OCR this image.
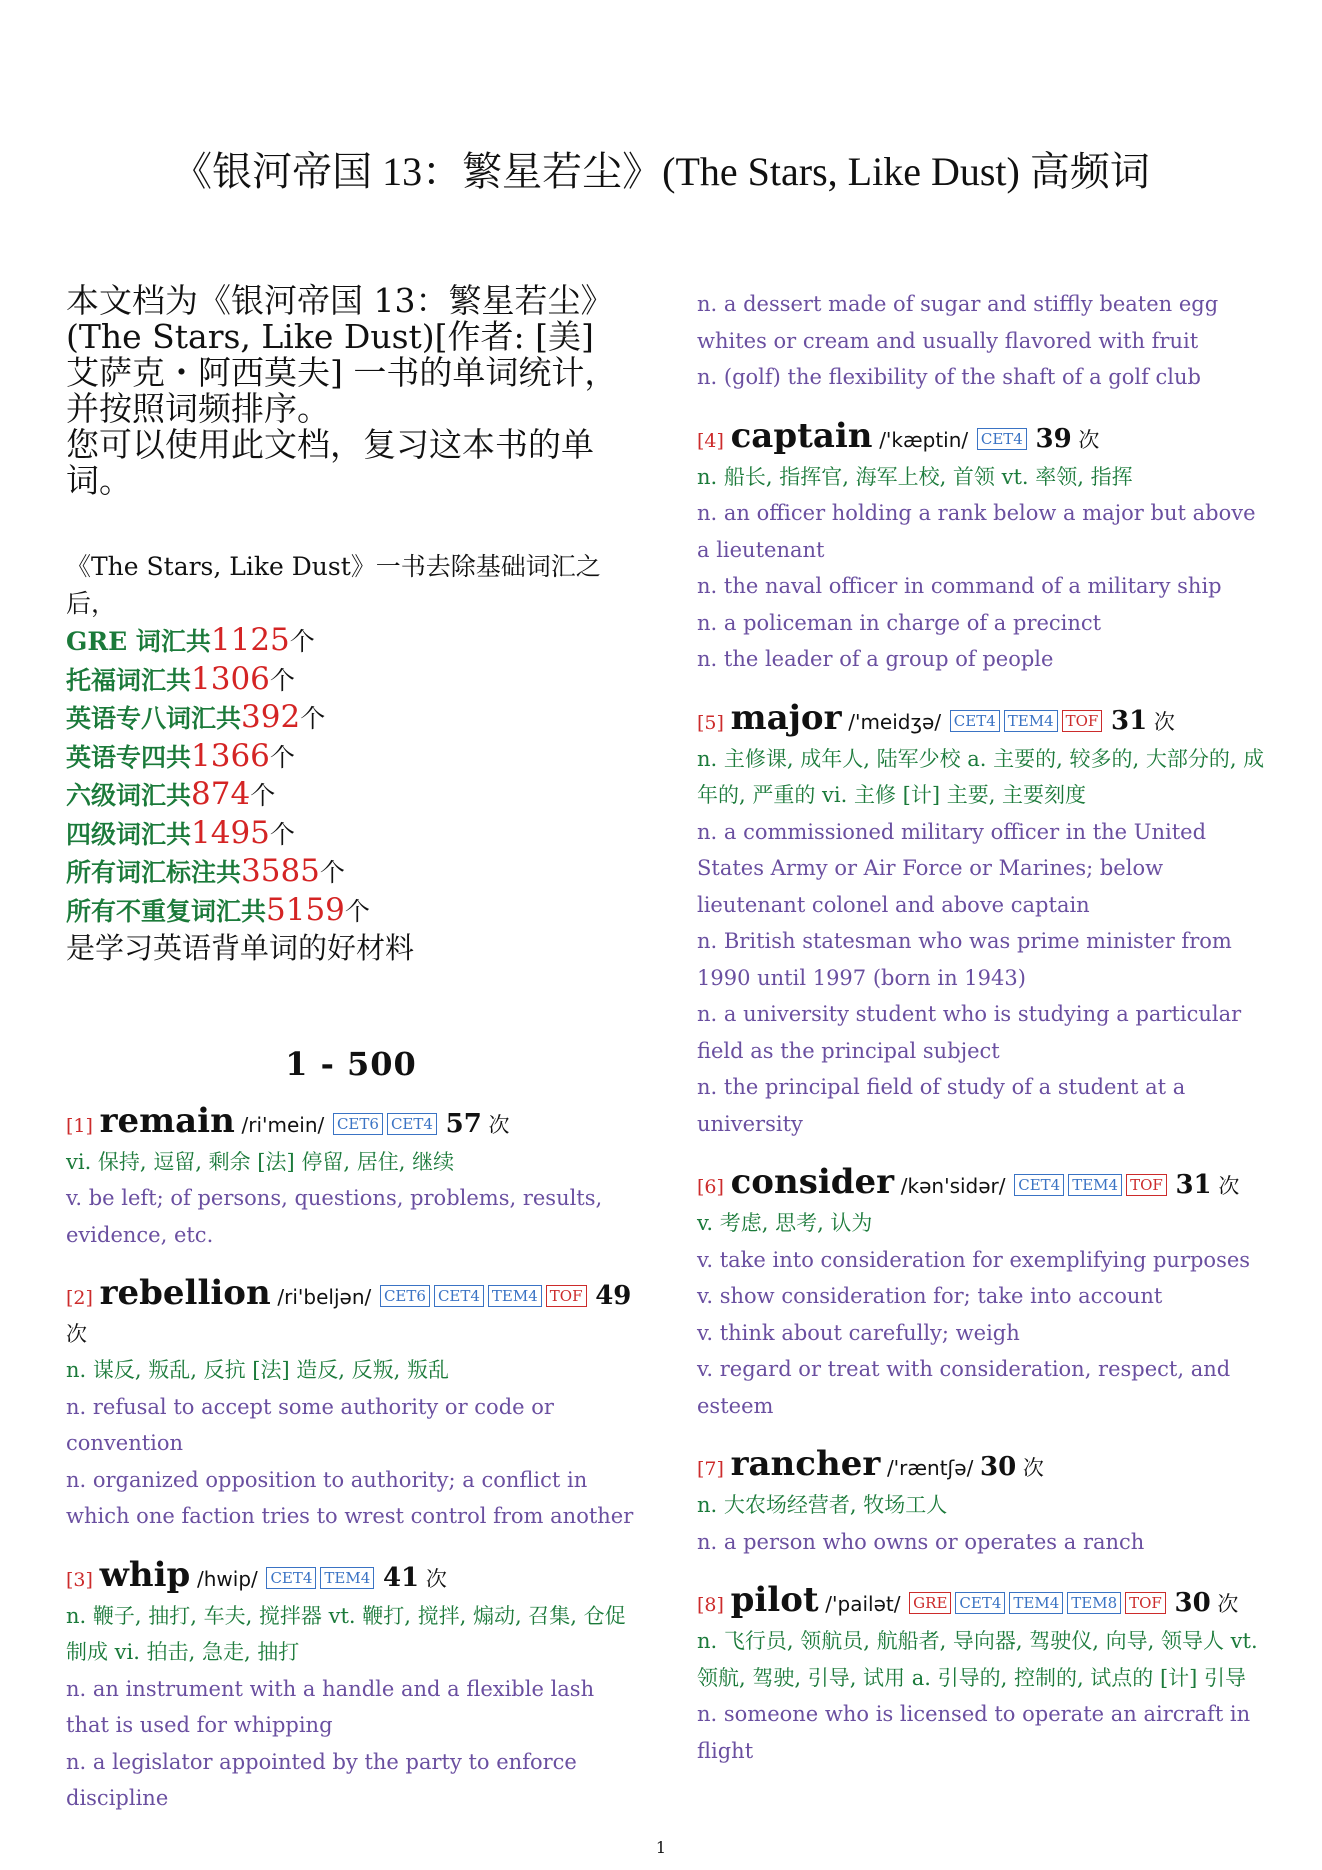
《银河帝国 13：繁星若尘》(The Stars, Like Dust) 高频词

本文档为《银河帝国 13：繁星若尘》(The Stars, Like Dust)[作者: [美] 艾萨克・阿西莫夫] 一书的单词统计，并按照词频排序。

您可以使用此文档，复习这本书的单词。

《The Stars, Like Dust》一书去除基础词汇之后，
GRE 词汇共1125个
托福词汇共1306个
英语专八词汇共392个
英语专四共1366个
六级词汇共874个
四级词汇共1495个
所有词汇标注共3585个
所有不重复词汇共5159个
是学习英语背单词的好材料
1 - 500
[1] remain /ri'mein/ CET6 CET4 57 次

vi. 保持, 逗留, 剩余 [法] 停留, 居住, 继续

v. be left; of persons, questions, problems, results, evidence, etc.

[2] rebellion /ri'beljən/ CET6 CET4 TEM4 TOF 49 次

n. 谋反, 叛乱, 反抗 [法] 造反, 反叛, 叛乱

n. refusal to accept some authority or code or convention

n. organized opposition to authority; a conflict in which one faction tries to wrest control from another

[3] whip /hwip/ CET4 TEM4 41 次

n. 鞭子, 抽打, 车夫, 搅拌器 vt. 鞭打, 搅拌, 煽动, 召集, 仓促制成 vi. 拍击, 急走, 抽打

n. an instrument with a handle and a flexible lash that is used for whipping

n. a legislator appointed by the party to enforce discipline

n. a dessert made of sugar and stiffly beaten egg whites or cream and usually flavored with fruit

n. (golf) the flexibility of the shaft of a golf club

[4] captain /'kæptin/ CET4 39 次

n. 船长, 指挥官, 海军上校, 首领 vt. 率领, 指挥

n. an officer holding a rank below a major but above a lieutenant

n. the naval officer in command of a military ship

n. a policeman in charge of a precinct

n. the leader of a group of people

[5] major /'meidʒə/ CET4 TEM4 TOF 31 次

n. 主修课, 成年人, 陆军少校 a. 主要的, 较多的, 大部分的, 成年的, 严重的 vi. 主修 [计] 主要, 主要刻度

n. a commissioned military officer in the United States Army or Air Force or Marines; below lieutenant colonel and above captain

n. British statesman who was prime minister from 1990 until 1997 (born in 1943)

n. a university student who is studying a particular field as the principal subject

n. the principal field of study of a student at a university

[6] consider /kən'sidər/ CET4 TEM4 TOF 31 次

v. 考虑, 思考, 认为

v. take into consideration for exemplifying purposes

v. show consideration for; take into account

v. think about carefully; weigh

v. regard or treat with consideration, respect, and esteem

[7] rancher /'ræntʃə/ 30 次

n. 大农场经营者, 牧场工人

n. a person who owns or operates a ranch

[8] pilot /'pailət/ GRE CET4 TEM4 TEM8 TOF 30 次

n. 飞行员, 领航员, 航船者, 导向器, 驾驶仪, 向导, 领导人 vt. 领航, 驾驶, 引导, 试用 a. 引导的, 控制的, 试点的 [计] 引导

n. someone who is licensed to operate an aircraft in flight

1
